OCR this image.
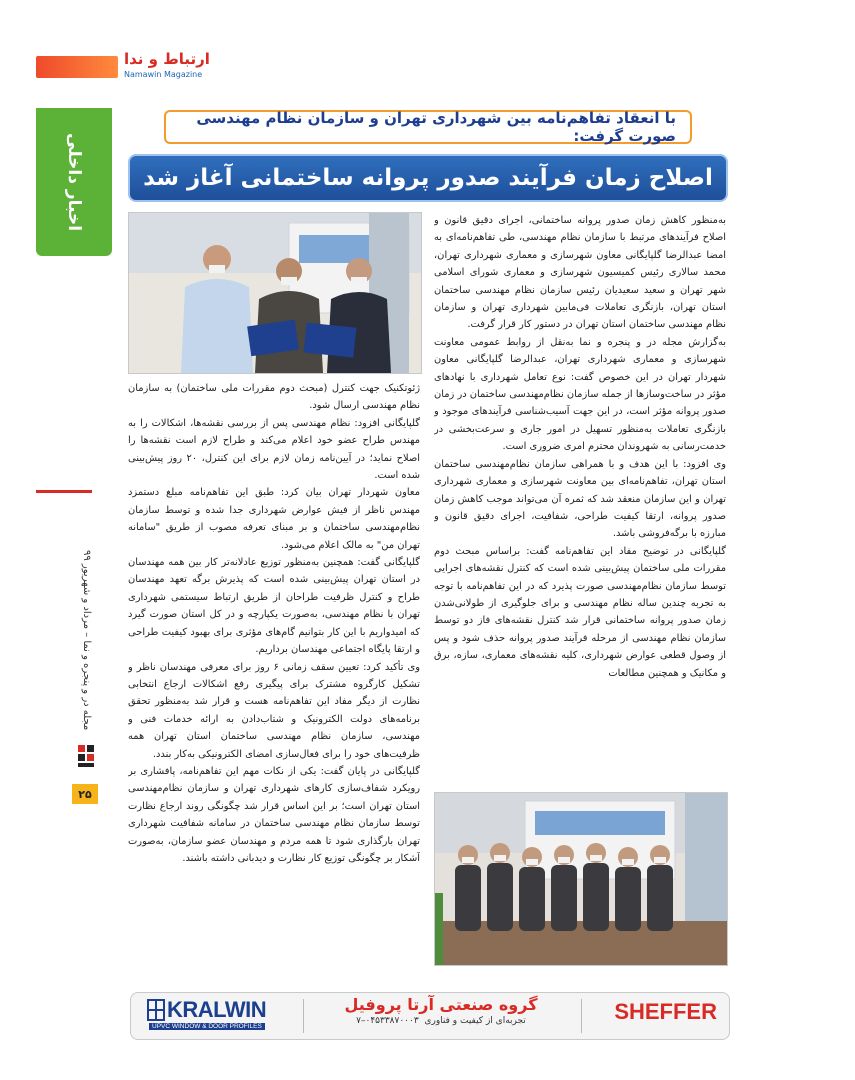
ارتباط و ندا
Namawin Magazine
اخبار داخلی
مجله در و پنجره و نما – مرداد و شهریور ۹۹
۲۵
با انعقاد تفاهم‌نامه بین شهرداری تهران و سازمان نظام مهندسی صورت گرفت:
اصلاح زمان فرآیند صدور پروانه ساختمانی آغاز شد

به‌منظور کاهش زمان صدور پروانه ساختمانی، اجرای دقیق قانون و اصلاح فرآیندهای مرتبط با سازمان نظام مهندسی، طی تفاهم‌نامه‌ای به امضا عبدالرضا گلپایگانی معاون شهرسازی و معماری شهرداری تهران، محمد سالاری رئیس کمیسیون شهرسازی و معماری شورای اسلامی شهر تهران و سعید سعیدیان رئیس سازمان نظام مهندسی ساختمان استان تهران، بازنگری تعاملات فی‌مابین شهرداری تهران و سازمان نظام مهندسی ساختمان استان تهران در دستور کار قرار گرفت.

به‌گزارش مجله در و پنجره و نما به‌نقل از روابط عمومی معاونت شهرسازی و معماری شهرداری تهران، عبدالرضا گلپایگانی معاون شهردار تهران در این خصوص گفت: نوع تعامل شهرداری با نهادهای مؤثر در ساخت‌وسازها از جمله سازمان نظام‌مهندسی ساختمان در زمان صدور پروانه مؤثر است، در این جهت آسیب‌شناسی فرآیندهای موجود و بازنگری تعاملات به‌منظور تسهیل در امور جاری و سرعت‌بخشی در خدمت‌رسانی به شهروندان محترم امری ضروری است.

وی افزود: با این هدف و با همراهی سازمان نظام‌مهندسی ساختمان استان تهران، تفاهم‌نامه‌ای بین معاونت شهرسازی و معماری شهرداری تهران و این سازمان منعقد شد که ثمره آن می‌تواند موجب کاهش زمان صدور پروانه، ارتقا کیفیت طراحی، شفافیت، اجرای دقیق قانون و مبارزه با برگه‌فروشی باشد.

گلپایگانی در توضیح مفاد این تفاهم‌نامه گفت: براساس مبحث دوم مقررات ملی ساختمان پیش‌بینی شده است که کنترل نقشه‌های اجرایی توسط سازمان نظام‌مهندسی صورت پذیرد که در این تفاهم‌نامه با توجه به تجربه چندین ساله نظام مهندسی و برای جلوگیری از طولانی‌شدن زمان صدور پروانه ساختمانی قرار شد کنترل نقشه‌های فاز دو توسط سازمان نظام مهندسی از مرحله فرآیند صدور پروانه حذف شود و پس از وصول قطعی عوارض شهرداری، کلیه نقشه‌های معماری، سازه، برق و مکانیک و همچنین مطالعات

ژئوتکنیک جهت کنترل (مبحث دوم مقررات ملی ساختمان) به سازمان نظام مهندسی ارسال شود.

گلپایگانی افزود: نظام مهندسی پس از بررسی نقشه‌ها، اشکالات را به مهندس طراح عضو خود اعلام می‌کند و طراح لازم است نقشه‌ها را اصلاح نماید؛ در آیین‌نامه زمان لازم برای این کنترل، ۲۰ روز پیش‌بینی شده است.

معاون شهردار تهران بیان کرد: طبق این تفاهم‌نامه مبلغ دستمزد مهندس ناظر از فیش عوارض شهرداری جدا شده و توسط سازمان نظام‌مهندسی ساختمان و بر مبنای تعرفه مصوب از طریق "سامانه تهران من" به مالک اعلام می‌شود.

گلپایگانی گفت: همچنین به‌منظور توزیع عادلانه‌تر کار بین همه مهندسان در استان تهران پیش‌بینی شده است که پذیرش برگه تعهد مهندسان طراح و کنترل ظرفیت طراحان از طریق ارتباط سیستمی شهرداری تهران با نظام مهندسی، به‌صورت یکپارچه و در کل استان صورت گیرد که امیدواریم با این کار بتوانیم گام‌های مؤثری برای بهبود کیفیت طراحی و ارتقا پایگاه اجتماعی مهندسان برداریم.

وی تأکید کرد: تعیین سقف زمانی ۶ روز برای معرفی مهندسان ناظر و تشکیل کارگروه مشترک برای پیگیری رفع اشکالات ارجاع انتخابی نظارت از دیگر مفاد این تفاهم‌نامه هست و قرار شد به‌منظور تحقق برنامه‌های دولت الکترونیک و شتاب‌دادن به ارائه خدمات فنی و مهندسی، سازمان نظام مهندسی ساختمان استان تهران همه ظرفیت‌های خود را برای فعال‌سازی امضای الکترونیکی به‌کار بندد.

گلپایگانی در پایان گفت: یکی از نکات مهم این تفاهم‌نامه، پافشاری بر رویکرد شفاف‌سازی کارهای شهرداری تهران و سازمان نظام‌مهندسی استان تهران است؛ بر این اساس قرار شد چگونگی روند ارجاع نظارت توسط سازمان نظام مهندسی ساختمان در سامانه شفافیت شهرداری تهران بارگذاری شود تا همه مردم و مهندسان عضو سازمان، به‌صورت آشکار بر چگونگی توزیع کار نظارت و دیدبانی داشته باشند.

KRALWIN
UPVC WINDOW & DOOR PROFILES
گروه صنعتی آرتا پروفیل
تجربه‌ای از کیفیت و فناوری  ۰۴۵۳۳۸۷۰۰۰۳–۷	SHEFFER
